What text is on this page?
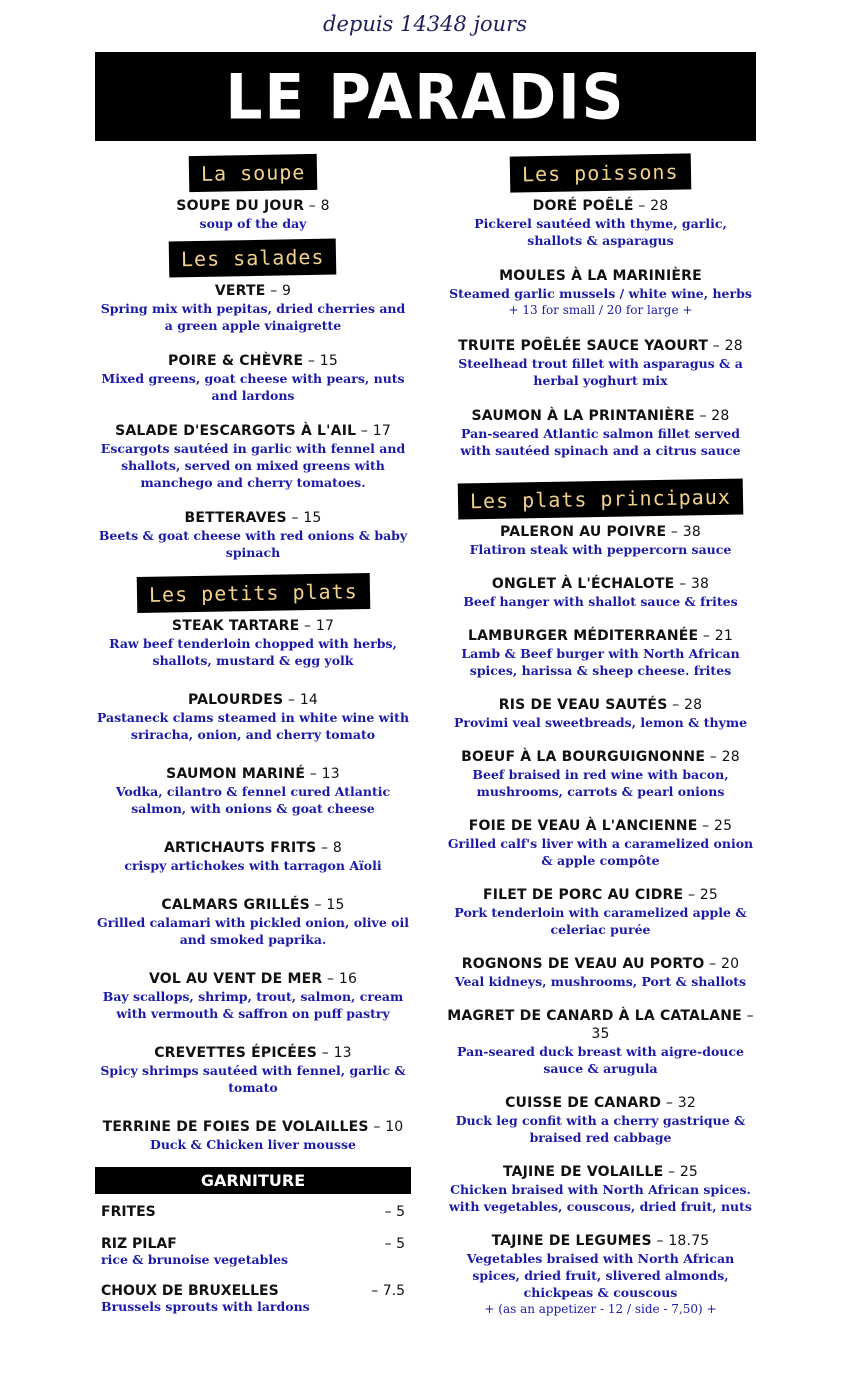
depuis 14348 jours
LE PARADIS
La soupe
SOUPE DU JOUR – 8
soup of the day
Les salades
VERTE – 9
Spring mix with pepitas, dried cherries and a green apple vinaigrette
POIRE & CHÈVRE – 15
Mixed greens, goat cheese with pears, nuts and lardons
SALADE D'ESCARGOTS À L'AIL – 17
Escargots sautéed in garlic with fennel and shallots, served on mixed greens with manchego and cherry tomatoes.
BETTERAVES – 15
Beets & goat cheese with red onions & baby spinach
Les petits plats
STEAK TARTARE – 17
Raw beef tenderloin chopped with herbs, shallots, mustard & egg yolk
PALOURDES – 14
Pastaneck clams steamed in white wine with sriracha, onion, and cherry tomato
SAUMON MARINÉ – 13
Vodka, cilantro & fennel cured Atlantic salmon, with onions & goat cheese
ARTICHAUTS FRITS – 8
crispy artichokes with tarragon Aïoli
CALMARS GRILLÉS – 15
Grilled calamari with pickled onion, olive oil and smoked paprika.
VOL AU VENT DE MER – 16
Bay scallops, shrimp, trout, salmon, cream with vermouth & saffron on puff pastry
CREVETTES ÉPICÉES – 13
Spicy shrimps sautéed with fennel, garlic & tomato
TERRINE DE FOIES DE VOLAILLES – 10
Duck & Chicken liver mousse
GARNITURE
FRITES	– 5
RIZ PILAF	– 5
rice & brunoise vegetables
CHOUX DE BRUXELLES	– 7.5
Brussels sprouts with lardons
Les poissons
DORÉ POÊLÉ – 28
Pickerel sautéed with thyme, garlic, shallots & asparagus
MOULES À LA MARINIÈRE
Steamed garlic mussels / white wine, herbs
+ 13 for small / 20 for large +
TRUITE POÊLÉE SAUCE YAOURT – 28
Steelhead trout fillet with asparagus & a herbal yoghurt mix
SAUMON À LA PRINTANIÈRE – 28
Pan-seared Atlantic salmon fillet served with sautéed spinach and a citrus sauce
Les plats principaux
PALERON AU POIVRE – 38
Flatiron steak with peppercorn sauce
ONGLET À L'ÉCHALOTE – 38
Beef hanger with shallot sauce & frites
LAMBURGER MÉDITERRANÉE – 21
Lamb & Beef burger with North African spices, harissa & sheep cheese. frites
RIS DE VEAU SAUTÉS – 28
Provimi veal sweetbreads, lemon & thyme
BOEUF À LA BOURGUIGNONNE – 28
Beef braised in red wine with bacon, mushrooms, carrots & pearl onions
FOIE DE VEAU À L'ANCIENNE – 25
Grilled calf's liver with a caramelized onion & apple compôte
FILET DE PORC AU CIDRE – 25
Pork tenderloin with caramelized apple & celeriac purée
ROGNONS DE VEAU AU PORTO – 20
Veal kidneys, mushrooms, Port & shallots
MAGRET DE CANARD À LA CATALANE – 35
Pan-seared duck breast with aigre-douce sauce & arugula
CUISSE DE CANARD – 32
Duck leg confit with a cherry gastrique & braised red cabbage
TAJINE DE VOLAILLE – 25
Chicken braised with North African spices. with vegetables, couscous, dried fruit, nuts
TAJINE DE LEGUMES – 18.75
Vegetables braised with North African spices, dried fruit, slivered almonds, chickpeas & couscous
+ (as an appetizer - 12 / side - 7,50) +
